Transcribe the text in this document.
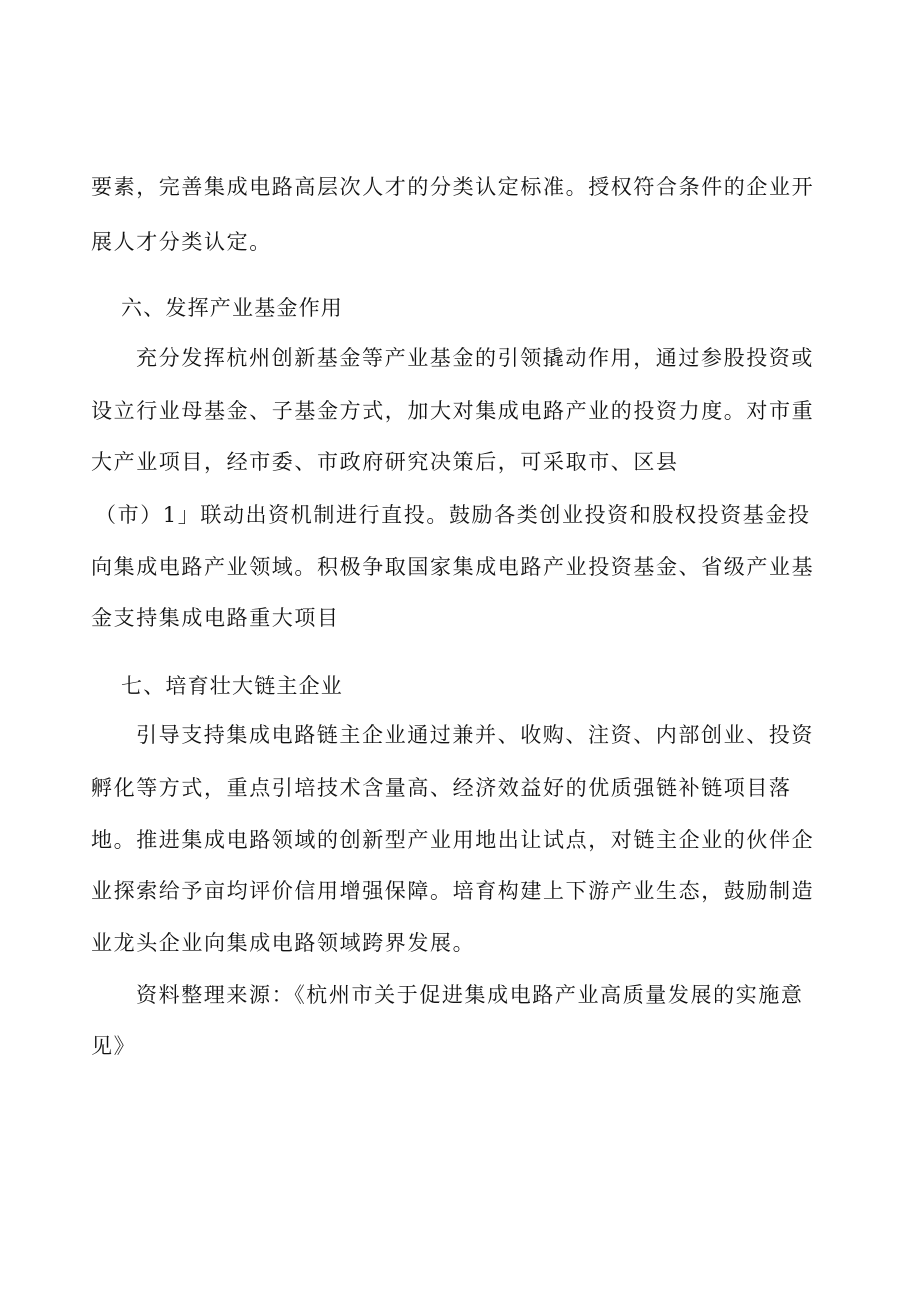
要素，完善集成电路高层次人才的分类认定标准。授权符合条件的企业开
展人才分类认定。
六、发挥产业基金作用
充分发挥杭州创新基金等产业基金的引领撬动作用，通过参股投资或
设立行业母基金、子基金方式，加大对集成电路产业的投资力度。对市重
大产业项目，经市委、市政府研究决策后，可采取市、区县
（市）1」联动出资机制进行直投。鼓励各类创业投资和股权投资基金投
向集成电路产业领域。积极争取国家集成电路产业投资基金、省级产业基
金支持集成电路重大项目
七、培育壮大链主企业
引导支持集成电路链主企业通过兼并、收购、注资、内部创业、投资
孵化等方式，重点引培技术含量高、经济效益好的优质强链补链项目落
地。推进集成电路领域的创新型产业用地出让试点，对链主企业的伙伴企
业探索给予亩均评价信用增强保障。培育构建上下游产业生态，鼓励制造
业龙头企业向集成电路领域跨界发展。
资料整理来源：《杭州市关于促进集成电路产业高质量发展的实施意
见》
